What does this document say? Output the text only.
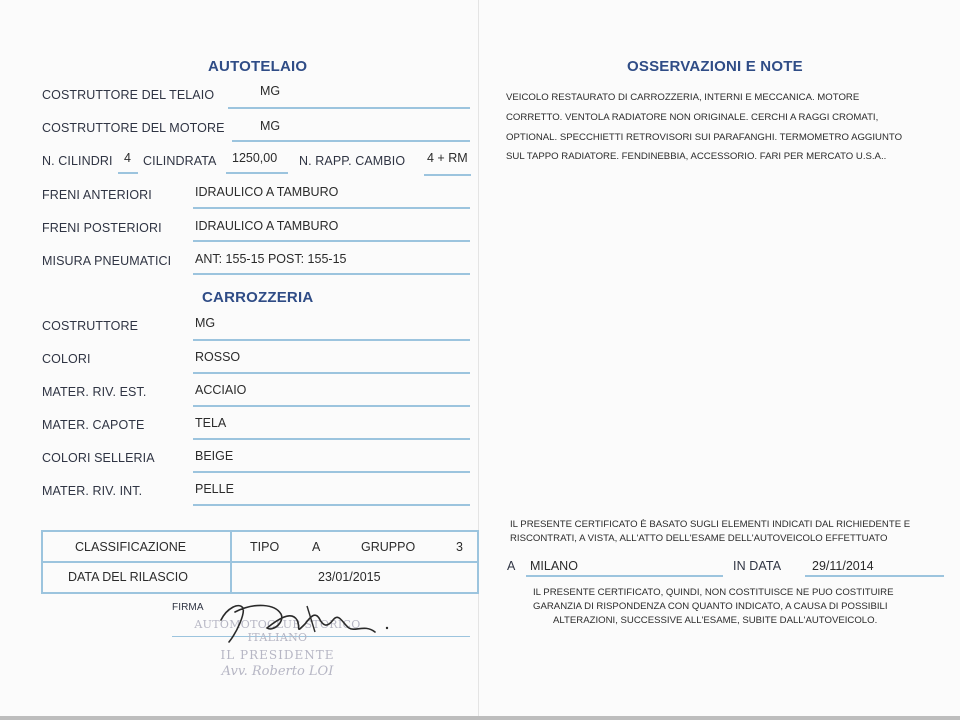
AUTOTELAIO
COSTRUTTORE DEL TELAIO	MG
COSTRUTTORE DEL MOTORE	MG
N. CILINDRI 4 CILINDRATA 1250,00 N. RAPP. CAMBIO 4 + RM
FRENI ANTERIORI	IDRAULICO A TAMBURO
FRENI POSTERIORI	IDRAULICO A TAMBURO
MISURA PNEUMATICI ANT: 155-15 POST: 155-15
CARROZZERIA
COSTRUTTORE	MG
COLORI	ROSSO
MATER. RIV. EST.	ACCIAIO
MATER. CAPOTE	TELA
COLORI SELLERIA	BEIGE
MATER. RIV. INT.	PELLE
CLASSIFICAZIONE	TIPO	A	GRUPPO	3
DATA DEL RILASCIO	23/01/2015
FIRMA
AUTOMOTOCLUB STORICO ITALIANO
IL PRESIDENTE
Avv. Roberto LOI
OSSERVAZIONI E NOTE
VEICOLO RESTAURATO DI CARROZZERIA, INTERNI E MECCANICA. MOTORE CORRETTO. VENTOLA RADIATORE NON ORIGINALE. CERCHI A RAGGI CROMATI, OPTIONAL. SPECCHIETTI RETROVISORI SUI PARAFANGHI. TERMOMETRO AGGIUNTO SUL TAPPO RADIATORE. FENDINEBBIA, ACCESSORIO. FARI PER MERCATO U.S.A..
IL PRESENTE CERTIFICATO È BASATO SUGLI ELEMENTI INDICATI DAL RICHIEDENTE E
RISCONTRATI, A VISTA, ALL'ATTO DELL'ESAME DELL'AUTOVEICOLO EFFETTUATO
A MILANO	IN DATA 29/11/2014
IL PRESENTE CERTIFICATO, QUINDI, NON COSTITUISCE NE PUO COSTITUIRE
GARANZIA DI RISPONDENZA CON QUANTO INDICATO, A CAUSA DI POSSIBILI
ALTERAZIONI, SUCCESSIVE ALL'ESAME, SUBITE DALL'AUTOVEICOLO.
